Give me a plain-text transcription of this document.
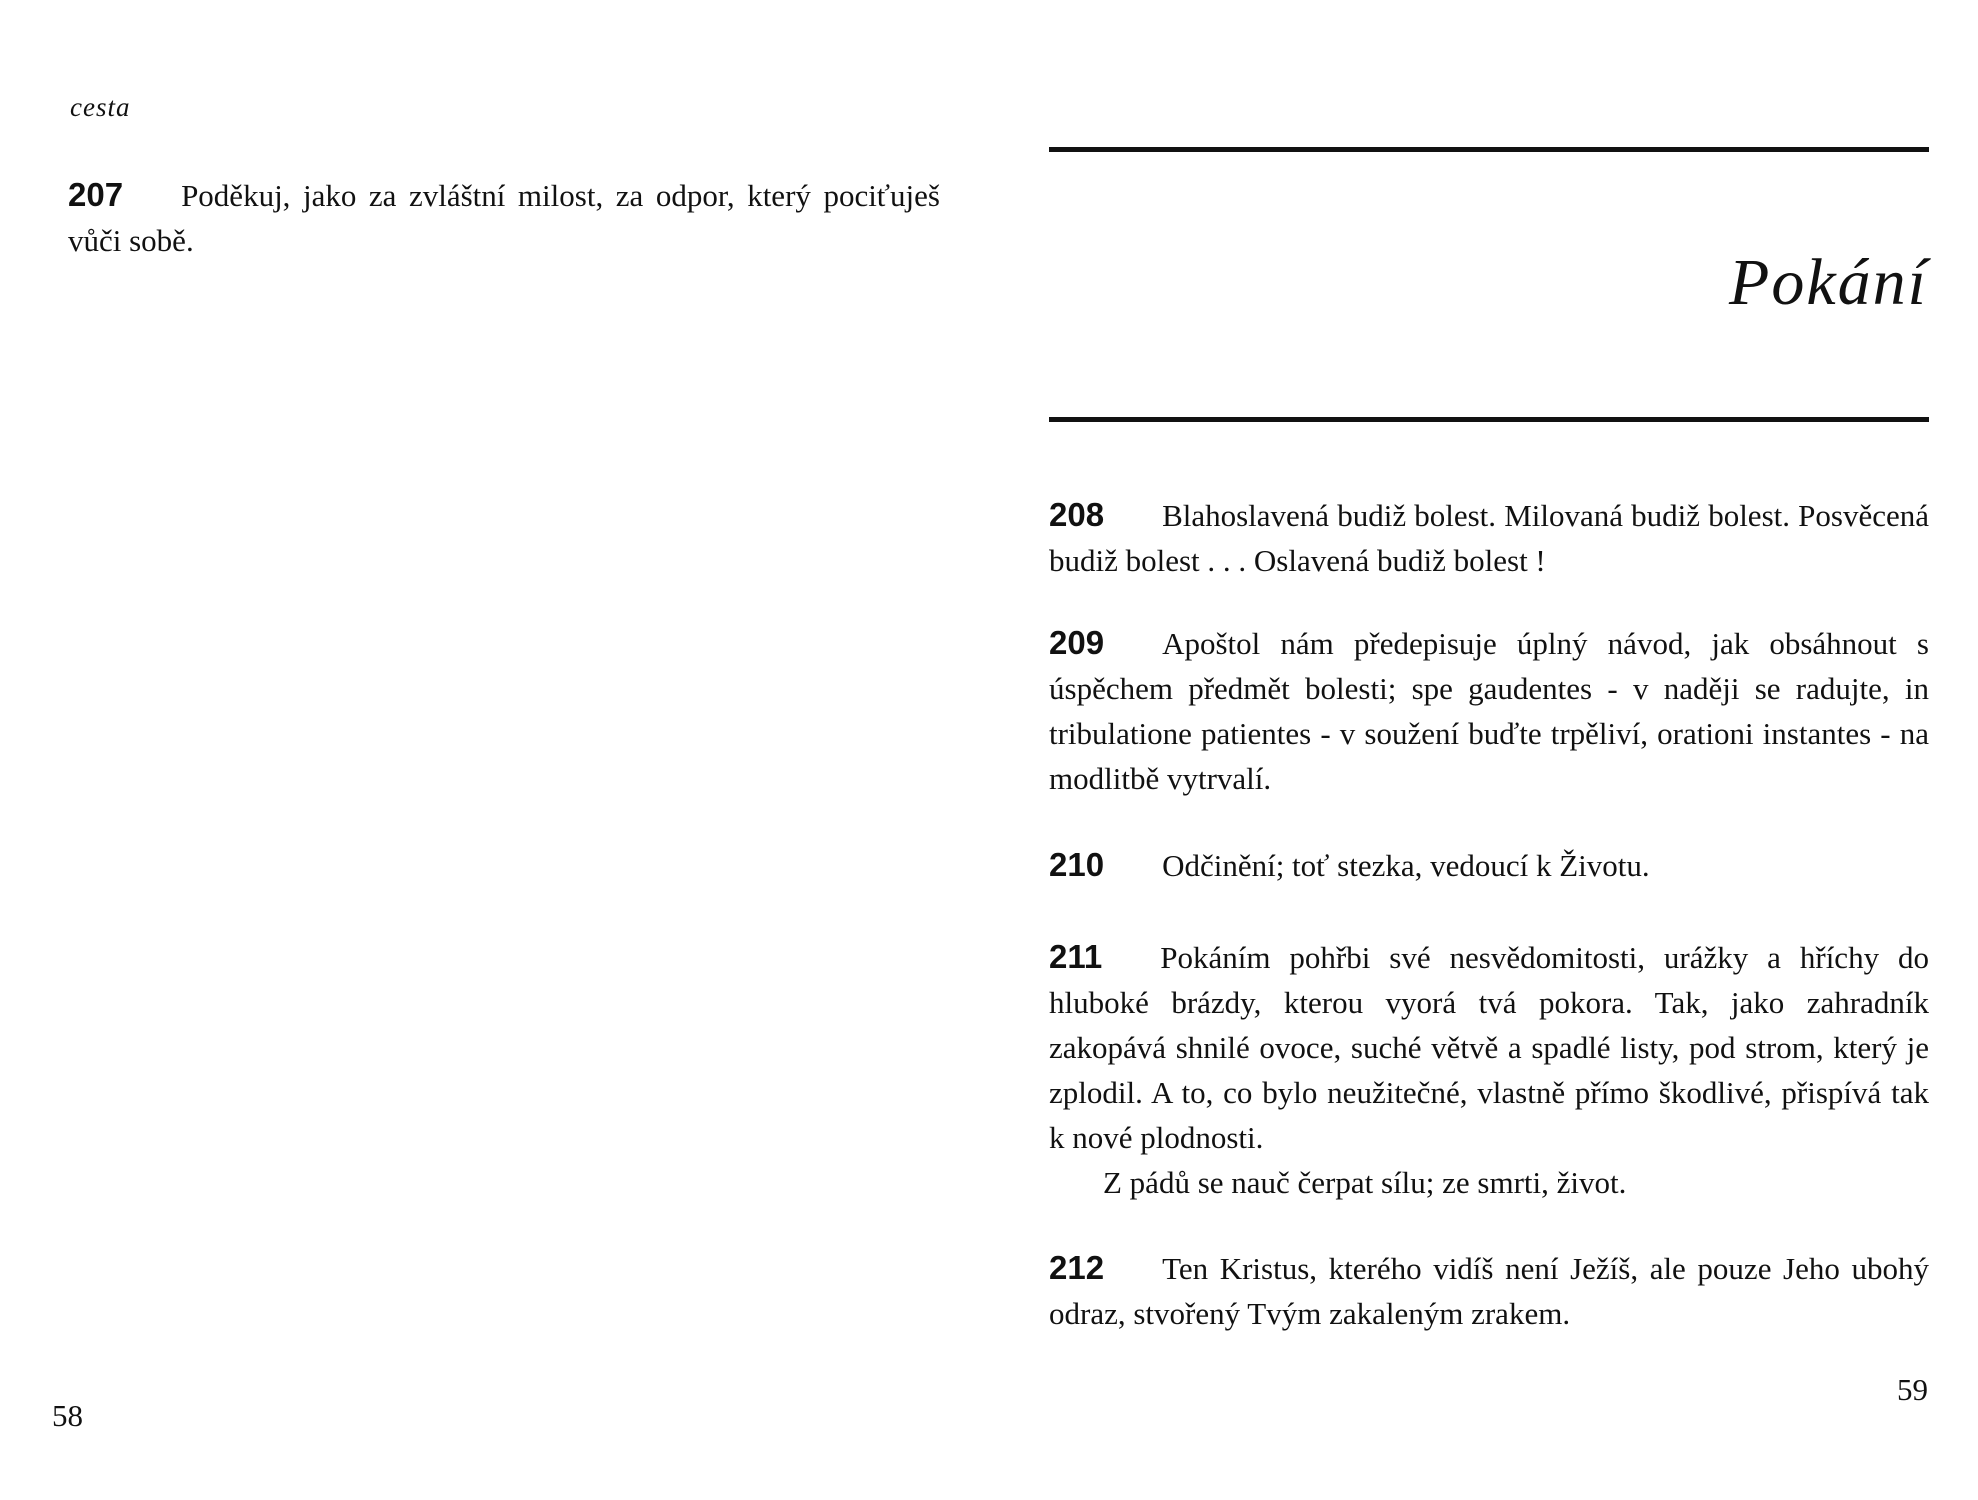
cesta

207 Poděkuj, jako za zvláštní milost, za odpor, který pociťuješ vůči sobě.

58
Pokání

208 Blahoslavená budiž bolest. Milovaná budiž bolest. Posvěcená budiž bolest . . . Oslavená budiž bolest !

209 Apoštol nám předepisuje úplný návod, jak obsáhnout s úspěchem předmět bolesti; spe gaudentes - v naději se radujte, in tribulatione patientes - v soužení buďte trpěliví, orationi instantes - na modlitbě vytrvalí.

210 Odčinění; toť stezka, vedoucí k Životu.

211 Pokáním pohřbi své nesvědomitosti, urážky a hříchy do hluboké brázdy, kterou vyorá tvá pokora. Tak, jako zahradník zakopává shnilé ovoce, suché větvě a spadlé listy, pod strom, který je zplodil. A to, co bylo neužitečné, vlastně přímo škodlivé, přispívá tak k nové plodnosti.

Z pádů se nauč čerpat sílu; ze smrti, život.

212 Ten Kristus, kterého vidíš není Ježíš, ale pouze Jeho ubohý odraz, stvořený Tvým zakaleným zrakem.

59
